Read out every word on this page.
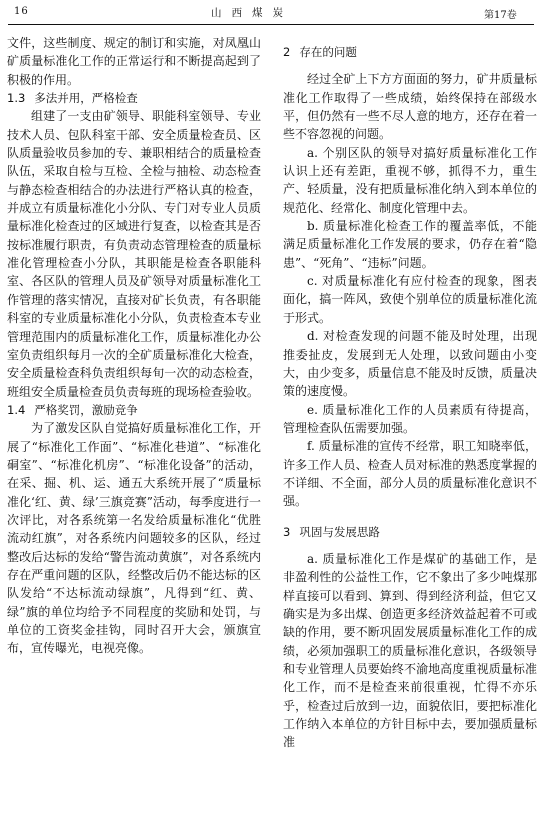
16	山西煤炭	第17卷

文件，这些制度、规定的制订和实施，对凤凰山矿质量标准化工作的正常运行和不断提高起到了积极的作用。

1.3 多法并用，严格检查

组建了一支由矿领导、职能科室领导、专业技术人员、包队科室干部、安全质量检查员、区队质量验收员参加的专、兼职相结合的质量检查队伍，采取自检与互检、全检与抽检、动态检查与静态检查相结合的办法进行严格认真的检查，并成立有质量标准化小分队、专门对专业人员质量标准化检查过的区域进行复查，以检查其是否按标准履行职责，有负责动态管理检查的质量标准化管理检查小分队，其职能是检查各职能科室、各区队的管理人员及矿领导对质量标准化工作管理的落实情况，直接对矿长负责，有各职能科室的专业质量标准化小分队，负责检查本专业管理范围内的质量标准化工作，质量标准化办公室负责组织每月一次的全矿质量标准化大检查，安全质量检查科负责组织每旬一次的动态检查，班组安全质量检查员负责每班的现场检查验收。

1.4 严格奖罚，激励竞争

为了激发区队自觉搞好质量标准化工作，开展了“标准化工作面”、“标准化巷道”、“标准化硐室”、“标准化机房”、“标准化设备”的活动，在采、掘、机、运、通五大系统开展了“质量标准化‘红、黄、绿’三旗竞赛”活动，每季度进行一次评比，对各系统第一名发给质量标准化“优胜流动红旗”，对各系统内问题较多的区队，经过整改后达标的发给“警告流动黄旗”，对各系统内存在严重问题的区队，经整改后仍不能达标的区队发给“不达标流动绿旗”，凡得到“红、黄、绿”旗的单位均给予不同程度的奖励和处罚，与单位的工资奖金挂钩，同时召开大会，颁旗宣布，宣传曝光，电视亮像。

2 存在的问题

经过全矿上下方方面面的努力，矿井质量标准化工作取得了一些成绩，始终保持在部级水平，但仍然有一些不尽人意的地方，还存在着一些不容忽视的问题。

a. 个别区队的领导对搞好质量标准化工作认识上还有差距，重视不够，抓得不力，重生产、轻质量，没有把质量标准化纳入到本单位的规范化、经常化、制度化管理中去。

b. 质量标准化检查工作的覆盖率低，不能满足质量标准化工作发展的要求，仍存在着“隐患”、“死角”、“违标”问题。

c. 对质量标准化有应付检查的现象，图表面化，搞一阵风，致使个别单位的质量标准化流于形式。

d. 对检查发现的问题不能及时处理，出现推委扯皮，发展到无人处理，以致问题由小变大，由少变多，质量信息不能及时反馈，质量决策的速度慢。

e. 质量标准化工作的人员素质有待提高，管理检查队伍需要加强。

f. 质量标准的宣传不经常，职工知晓率低，许多工作人员、检查人员对标准的熟悉度掌握的不详细、不全面，部分人员的质量标准化意识不强。

3 巩固与发展思路

a. 质量标准化工作是煤矿的基础工作，是非盈利性的公益性工作，它不象出了多少吨煤那样直接可以看到、算到、得到经济利益，但它又确实是为多出煤、创造更多经济效益起着不可或缺的作用，要不断巩固发展质量标准化工作的成绩，必须加强职工的质量标准化意识，各级领导和专业管理人员要始终不渝地高度重视质量标准化工作，而不是检查来前很重视，忙得不亦乐乎，检查过后放到一边，面貌依旧，要把标准化工作纳入本单位的方针目标中去，要加强质量标准
